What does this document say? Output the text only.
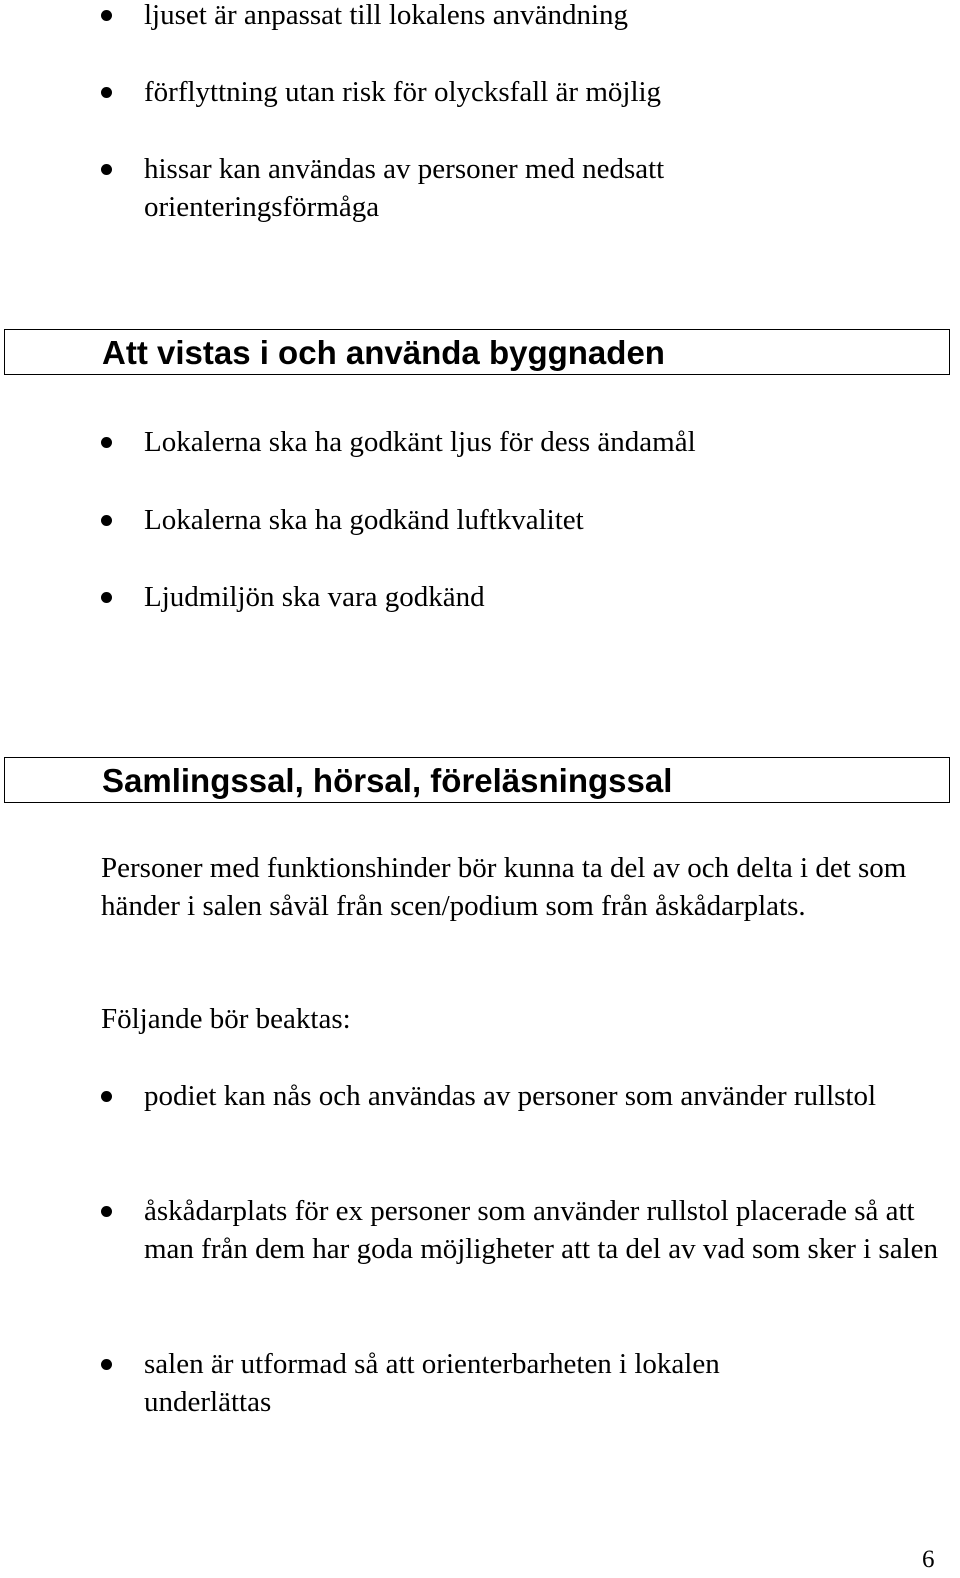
ljuset är anpassat till lokalens användning
förflyttning utan risk för olycksfall är möjlig
hissar kan användas av personer med nedsatt orienteringsförmåga
Att vistas i och använda byggnaden
Lokalerna ska ha godkänt ljus för dess ändamål
Lokalerna ska ha godkänd luftkvalitet
Ljudmiljön ska vara godkänd
Samlingssal, hörsal, föreläsningssal

Personer med funktionshinder bör kunna ta del av och delta i det som händer i salen såväl från scen/podium som från åskådarplats.

Följande bör beaktas:

podiet kan nås och användas av personer som använder rullstol
åskådarplats för ex personer som använder rullstol placerade så att man från dem har goda möjligheter att ta del av vad som sker i salen
salen är utformad så att orienterbarheten i lokalen underlättas
6
